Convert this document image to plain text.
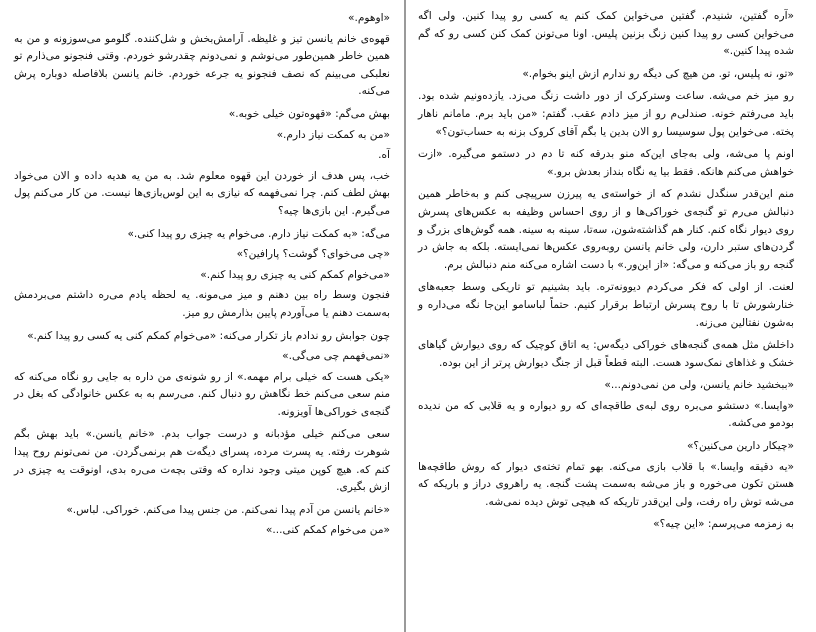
«آره گفتین، شنیدم. گفتین می‌خواین کمک کنم یه کسی رو پیدا کنین. ولی اگه می‌خواین کسی رو پیدا کنین زنگ بزنین پلیس. اونا می‌تونن کمک کنن کسی رو که گم شده پیدا کنین.»

«تو، نه پلیس، تو. من هیچ کی دیگه رو ندارم ازش اینو بخوام.»

رو میز خم می‌شه. ساعت وسترکرک از دور داشت زنگ می‌زد. یازده‌ونیم شده بود. باید می‌رفتم خونه. صندلی‌م رو از میز دادم عقب. گفتم: «من باید برم. مامانم ناهار پخته. می‌خواین پول سوسیسا رو الان بدین یا بگم آقای کروک بزنه به حساب‌تون؟»

اونم پا می‌شه، ولی به‌جای این‌که منو بدرقه کنه تا دم در دستمو می‌گیره. «ازت خواهش می‌کنم هانکه. فقط بیا یه نگاه بنداز بعدش برو.»

منم این‌قدر سنگدل نشدم که از خواسته‌ی یه پیرزن سرپیچی کنم و به‌خاطر همین دنبالش می‌رم تو گنجه‌ی خوراکی‌ها و از روی احساس وظیفه به عکس‌های پسرش روی دیوار نگاه کنم. کنار هم گذاشته‌شون، سه‌تا، سینه به سینه. همه گوش‌های بزرگ و گردن‌های ستبر دارن، ولی خانم یانسن روبه‌روی عکس‌ها نمی‌ایسته. بلکه به جاش در گنجه رو باز می‌کنه و می‌گه: «از این‌ور.» با دست اشاره می‌کنه منم دنبالش برم.

لعنت. از اولی که فکر می‌کردم دیوونه‌تره. باید بشینیم تو تاریکی وسط جعبه‌های خنارشورش تا با روح پسرش ارتباط برقرار کنیم. حتماً لباسامو این‌جا نگه می‌داره و به‌شون نفتالین می‌زنه.

داخلش مثل همه‌ی گنجه‌های خوراکی دیگه‌س: یه اتاق کوچیک که روی دیوارش گیاهای خشک و غذاهای نمک‌سود هست. البته قطعاً قبل از جنگ دیوارش پرتر از این بوده.

«ببخشید خانم یانسن، ولی من نمی‌دونم...»

«وایسا.» دستشو می‌بره روی لبه‌ی طاقچه‌ای که رو دیواره و یه قلابی که من ندیده بودمو می‌کشه.

«چیکار دارین می‌کنین؟»

«یه دقیقه وایسا.» با قلاب بازی می‌کنه. بهو تمام تخته‌ی دیوار که روش طاقچه‌ها هستن تکون می‌خوره و باز می‌شه به‌سمت پشت گنجه. یه راهروی دراز و باریکه که می‌شه توش راه رفت، ولی این‌قدر تاریکه که هیچی توش دیده نمی‌شه.

به زمزمه می‌پرسم: «این چیه؟»

«اوهوم.»

قهوه‌ی خانم یانسن تیز و غلیظه. آرامش‌بخش و شل‌کننده. گلومو می‌سوزونه و من به همین خاطر همین‌طور می‌نوشم و نمی‌دونم چقدرشو خوردم. وقتی فنجونو می‌ذارم تو نعلبکی می‌بینم که نصف فنجونو یه جرعه خوردم. خانم یانسن بلافاصله دوباره پرش می‌کنه.

بهش می‌گم: «قهوه‌تون خیلی خوبه.»

«من به کمکت نیاز دارم.»

آه.

خب، پس هدف از خوردن این قهوه معلوم شد. به من یه هدیه داده و الان می‌خواد بهش لطف کنم. چرا نمی‌فهمه که نیازی به این لوس‌بازی‌ها نیست. من کار می‌کنم پول می‌گیرم. این بازی‌ها چیه؟

می‌گه: «به کمکت نیاز دارم. می‌خوام یه چیزی رو پیدا کنی.»

«چی می‌خوای؟ گوشت؟ پارافین؟»

«می‌خوام کمکم کنی یه چیزی رو پیدا کنم.»

فنجون وسط راه بین دهنم و میز می‌مونه. یه لحظه یادم می‌ره داشتم می‌بردمش به‌سمت دهنم یا می‌آوردم پایین بذارمش رو میز.

چون جوابش رو ندادم باز تکرار می‌کنه: «می‌خوام کمکم کنی یه کسی رو پیدا کنم.»

«نمی‌فهمم چی می‌گی.»

«یکی هست که خیلی برام مهمه.» از رو شونه‌ی من داره به جایی رو نگاه می‌کنه که منم سعی می‌کنم خط نگاهش رو دنبال کنم. می‌رسم به به عکس خانوادگی که بغل در گنجه‌ی خوراکی‌ها آویزونه.

سعی می‌کنم خیلی مؤدبانه و درست جواب بدم. «خانم یانسن.» باید بهش بگم شوهرت رفته. یه پسرت مرده، پسرای دیگه‌ت هم برنمی‌گردن. من نمی‌تونم روح پیدا کنم که. هیچ کوپن میتی وجود نداره که وقتی بچه‌ت می‌ره بدی، اونوقت یه چیزی در ازش بگیری.

«خانم یانسن من آدم پیدا نمی‌کنم. من جنس پیدا می‌کنم. خوراکی. لباس.»

«من می‌خوام کمکم کنی...»
